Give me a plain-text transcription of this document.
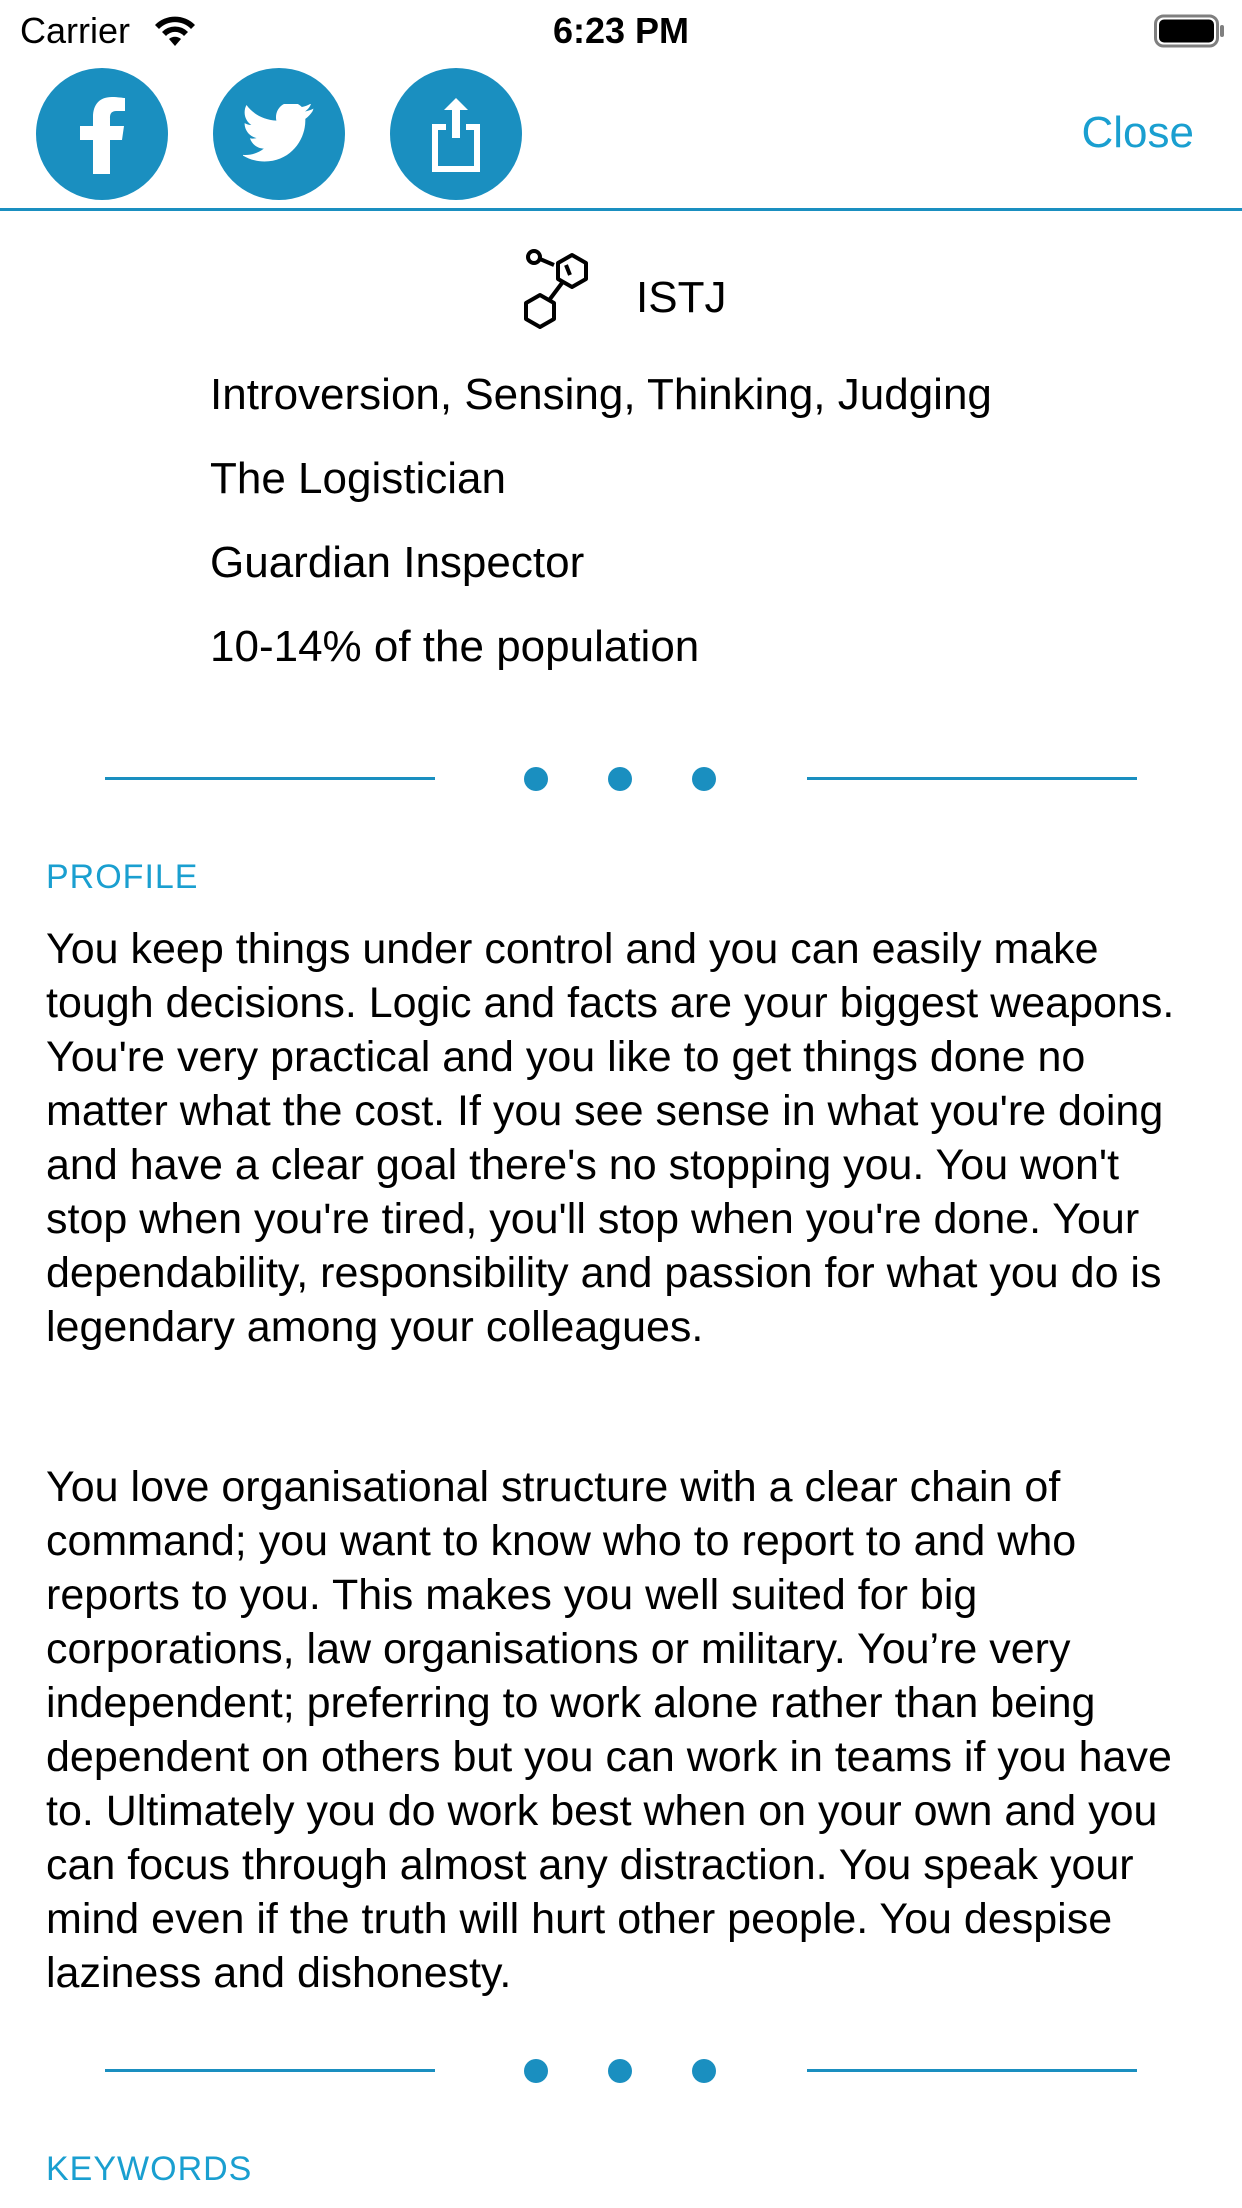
Carrier	6:23 PM
Close
ISTJ
Introversion, Sensing, Thinking, Judging
The Logistician
Guardian Inspector
10-14% of the population
PROFILE

You keep things under control and you can easily make tough decisions. Logic and facts are your biggest weapons. You're very practical and you like to get things done no matter what the cost. If you see sense in what you're doing and have a clear goal there's no stopping you. You won't stop when you're tired, you'll stop when you're done. Your dependability, responsibility and passion for what you do is legendary among your colleagues.

You love organisational structure with a clear chain of command; you want to know who to report to and who reports to you. This makes you well suited for big corporations, law organisations or military. You’re very independent; preferring to work alone rather than being dependent on others but you can work in teams if you have to. Ultimately you do work best when on your own and you can focus through almost any distraction. You speak your mind even if the truth will hurt other people. You despise laziness and dishonesty.

KEYWORDS
